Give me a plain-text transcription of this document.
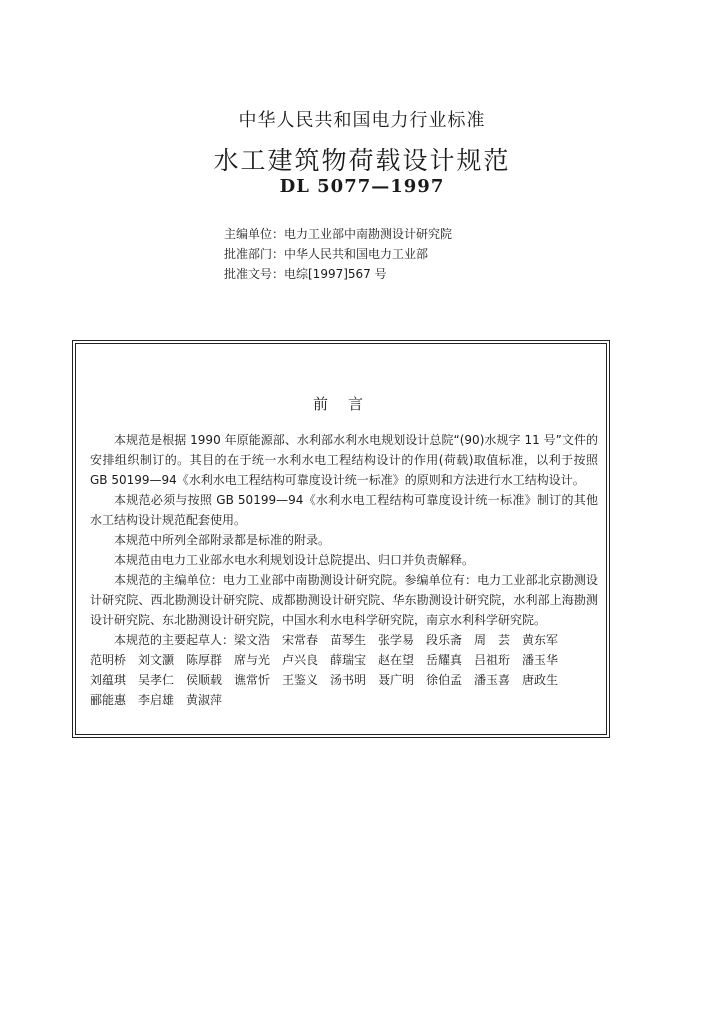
中华人民共和国电力行业标准
水工建筑物荷载设计规范
DL 5077—1997
主编单位：电力工业部中南勘测设计研究院
批准部门：中华人民共和国电力工业部
批准文号：电综[1997]567 号
前言

本规范是根据 1990 年原能源部、水利部水利水电规划设计总院“(90)水规字 11 号”文件的安排组织制订的。其目的在于统一水利水电工程结构设计的作用(荷载)取值标准，以利于按照 GB 50199—94《水利水电工程结构可靠度设计统一标准》的原则和方法进行水工结构设计。

本规范必须与按照 GB 50199—94《水利水电工程结构可靠度设计统一标准》制订的其他水工结构设计规范配套使用。

本规范中所列全部附录都是标准的附录。

本规范由电力工业部水电水利规划设计总院提出、归口并负责解释。

本规范的主编单位：电力工业部中南勘测设计研究院。参编单位有：电力工业部北京勘测设计研究院、西北勘测设计研究院、成都勘测设计研究院、华东勘测设计研究院，水利部上海勘测设计研究院、东北勘测设计研究院，中国水利水电科学研究院，南京水利科学研究院。

本规范的主要起草人：梁文浩　宋常春　苗琴生　张学易　段乐斋　周　芸　黄东军

范明桥　刘文灏　陈厚群　席与光　卢兴良　薛瑞宝　赵在望　岳耀真　吕祖珩　潘玉华

刘蕴琪　吴孝仁　侯顺载　谯常忻　王鉴义　汤书明　聂广明　徐伯孟　潘玉喜　唐政生

郦能惠　李启雄　黄淑萍
